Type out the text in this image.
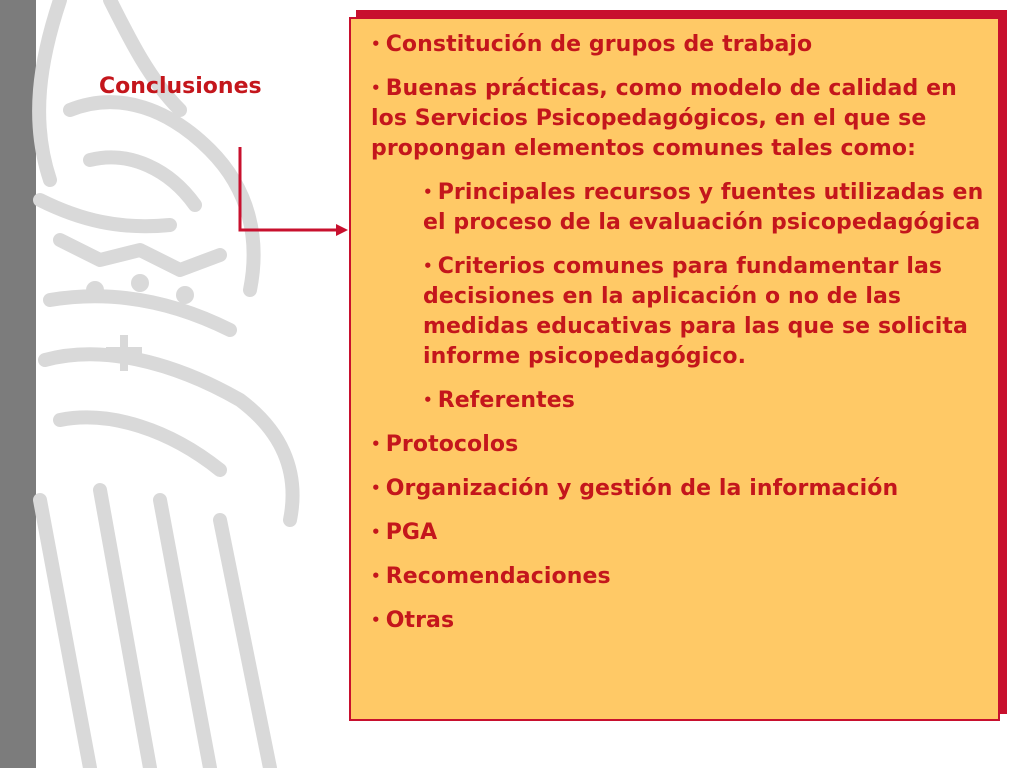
Conclusiones

• Constitución de grupos de trabajo

• Buenas prácticas, como modelo de calidad en los Servicios Psicopedagógicos, en el que se propongan elementos comunes tales como:

• Principales recursos y fuentes utilizadas en el proceso de la evaluación psicopedagógica

• Criterios comunes para fundamentar las decisiones en la aplicación o no de las medidas educativas para las que se solicita informe psicopedagógico.

• Referentes

• Protocolos

• Organización y gestión de la información

• PGA

• Recomendaciones

• Otras
